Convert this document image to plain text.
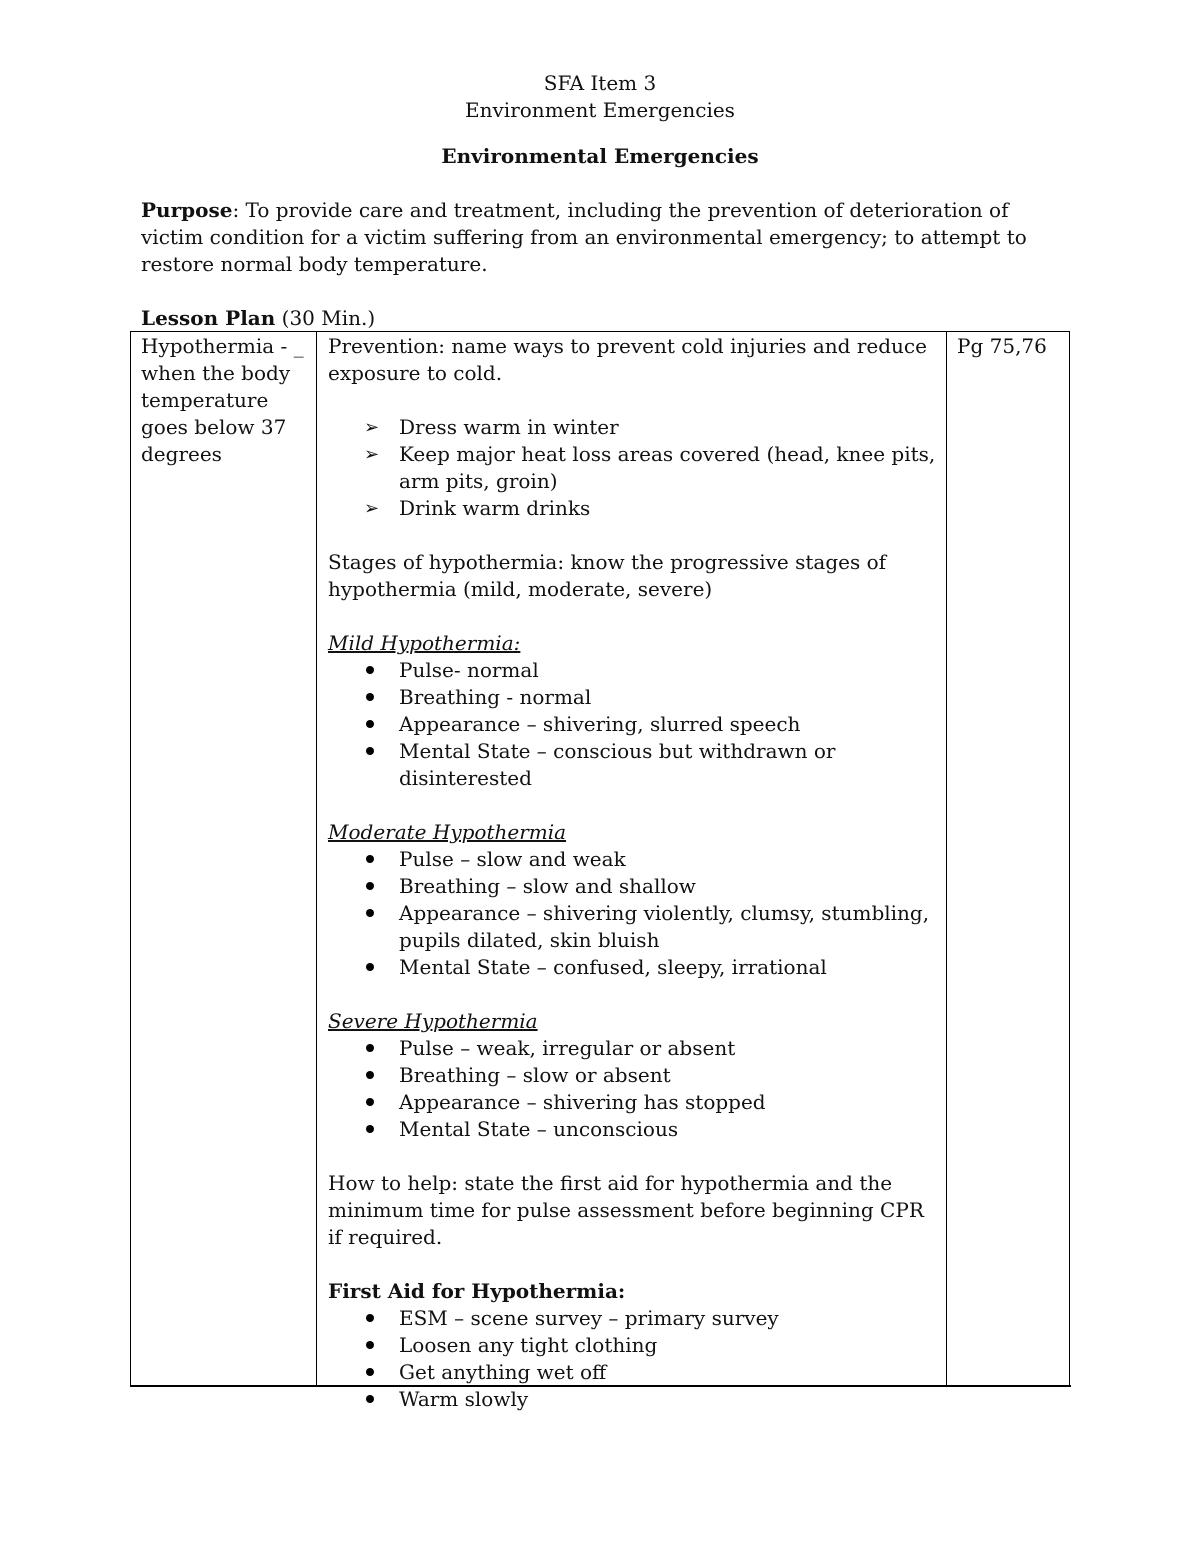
SFA Item 3
Environment Emergencies
Environmental Emergencies
Purpose: To provide care and treatment, including the prevention of deterioration of victim condition for a victim suffering from an environmental emergency; to attempt to restore normal body temperature.
Lesson Plan (30 Min.)
Hypothermia - _ when the body temperature goes below 37 degrees
Pg 75,76

Prevention: name ways to prevent cold injuries and reduce exposure to cold.

➢ Dress warm in winter
➢ Keep major heat loss areas covered (head, knee pits, arm pits, groin)
➢ Drink warm drinks

Stages of hypothermia: know the progressive stages of hypothermia (mild, moderate, severe)

Mild Hypothermia:
Pulse- normal
Breathing - normal
Appearance – shivering, slurred speech
Mental State – conscious but withdrawn or disinterested
Moderate Hypothermia
Pulse – slow and weak
Breathing – slow and shallow
Appearance – shivering violently, clumsy, stumbling, pupils dilated, skin bluish
Mental State – confused, sleepy, irrational
Severe Hypothermia
Pulse – weak, irregular or absent
Breathing – slow or absent
Appearance – shivering has stopped
Mental State – unconscious

How to help: state the first aid for hypothermia and the minimum time for pulse assessment before beginning CPR if required.

First Aid for Hypothermia:
ESM – scene survey – primary survey
Loosen any tight clothing
Get anything wet off
Warm slowly
